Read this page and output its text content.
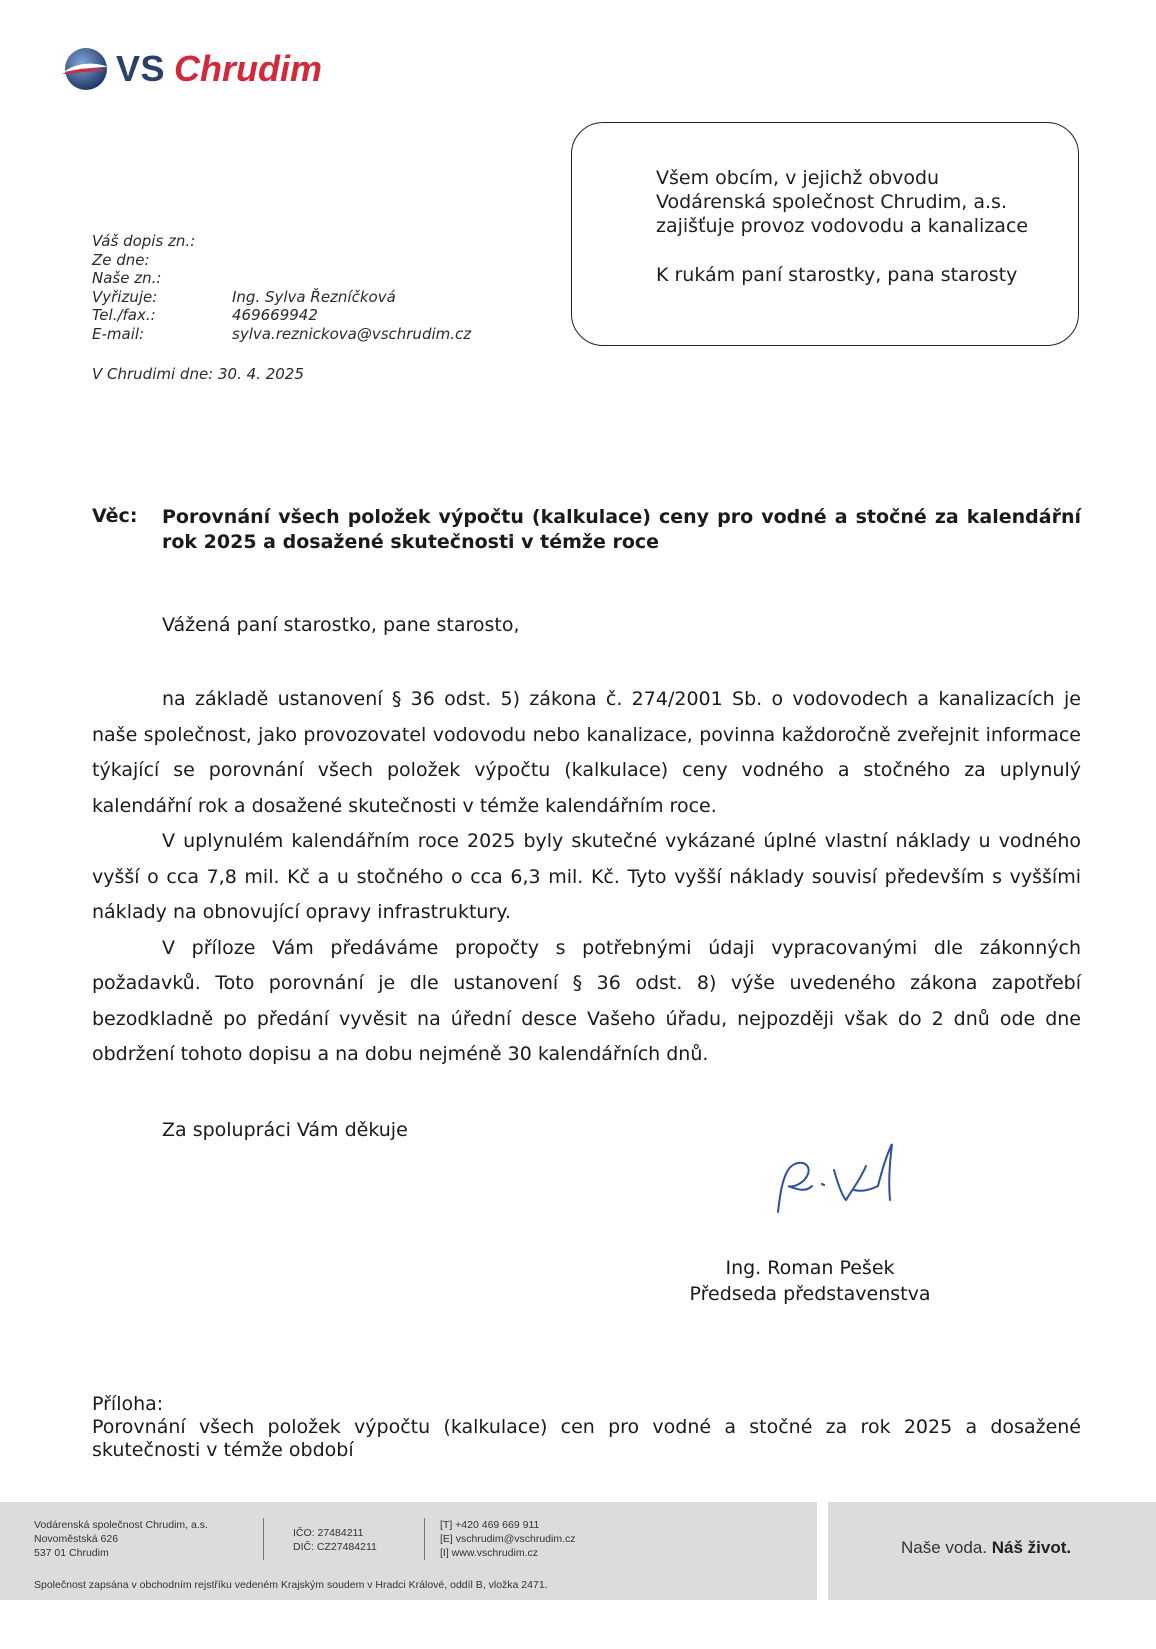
VS Chrudim
Všem obcím, v jejichž obvodu
Vodárenská společnost Chrudim, a.s.
zajišťuje provoz vodovodu a kanalizace
K rukám paní starostky, pana starosty
Váš dopis zn.:
Ze dne:
Naše zn.:
Vyřizuje:	Ing. Sylva Řezníčková
Tel./fax.:	469669942
E-mail:	sylva.reznickova@vschrudim.cz
V Chrudimi dne: 30. 4. 2025
Věc: Porovnání všech položek výpočtu (kalkulace) ceny pro vodné a stočné za kalendářní rok 2025 a dosažené skutečnosti v témže roce
Vážená paní starostko, pane starosto,

na základě ustanovení § 36 odst. 5) zákona č. 274/2001 Sb. o vodovodech a kanalizacích je naše společnost, jako provozovatel vodovodu nebo kanalizace, povinna každoročně zveřejnit informace týkající se porovnání všech položek výpočtu (kalkulace) ceny vodného a stočného za uplynulý kalendářní rok a dosažené skutečnosti v témže kalendářním roce.

V uplynulém kalendářním roce 2025 byly skutečné vykázané úplné vlastní náklady u vodného vyšší o cca 7,8 mil. Kč a u stočného o cca 6,3 mil. Kč. Tyto vyšší náklady souvisí především s vyššími náklady na obnovující opravy infrastruktury.

V příloze Vám předáváme propočty s potřebnými údaji vypracovanými dle zákonných požadavků. Toto porovnání je dle ustanovení § 36 odst. 8) výše uvedeného zákona zapotřebí bezodkladně po předání vyvěsit na úřední desce Vašeho úřadu, nejpozději však do 2 dnů ode dne obdržení tohoto dopisu a na dobu nejméně 30 kalendářních dnů.

Za spolupráci Vám děkuje
Ing. Roman Pešek
Předseda představenstva
Příloha:
Porovnání všech položek výpočtu (kalkulace) cen pro vodné a stočné za rok 2025 a dosažené skutečnosti v témže období
Vodárenská společnost Chrudim, a.s.
Novoměstská 626
537 01 Chrudim
IČO: 27484211
DIČ: CZ27484211
[T] +420 469 669 911
[E] vschrudim@vschrudim.cz
[I] www.vschrudim.cz
Společnost zapsána v obchodním rejstříku vedeném Krajským soudem v Hradci Králové, oddíl B, vložka 2471.
Naše voda. Náš život.
